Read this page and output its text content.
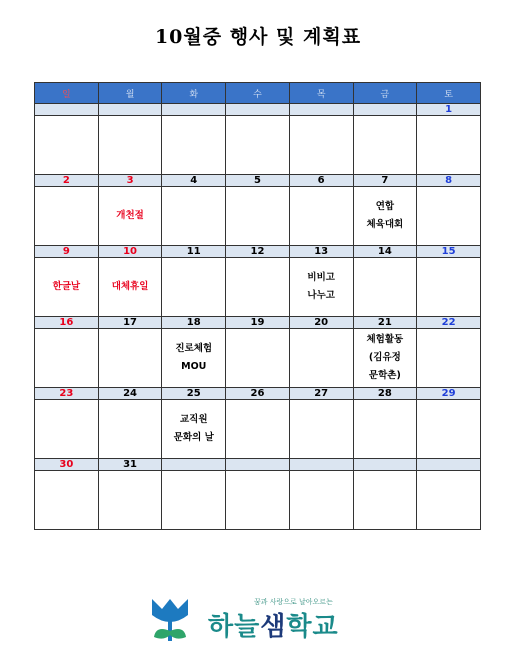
10월중 행사 및 계획표
일	월	화	수	목	금	토
						1

2	3	4	5	6	7	8

	개천절				연합
체육대회	

9	10	11	12	13	14	15

한글날	대체휴일			비비고
나누고		

16	17	18	19	20	21	22

		진로체험
MOU			체험활동
(김유정
문학촌)	

23	24	25	26	27	28	29

		교직원
문화의 날				

30	31					

꿈과 사랑으로 날아오르는
하늘샘학교
